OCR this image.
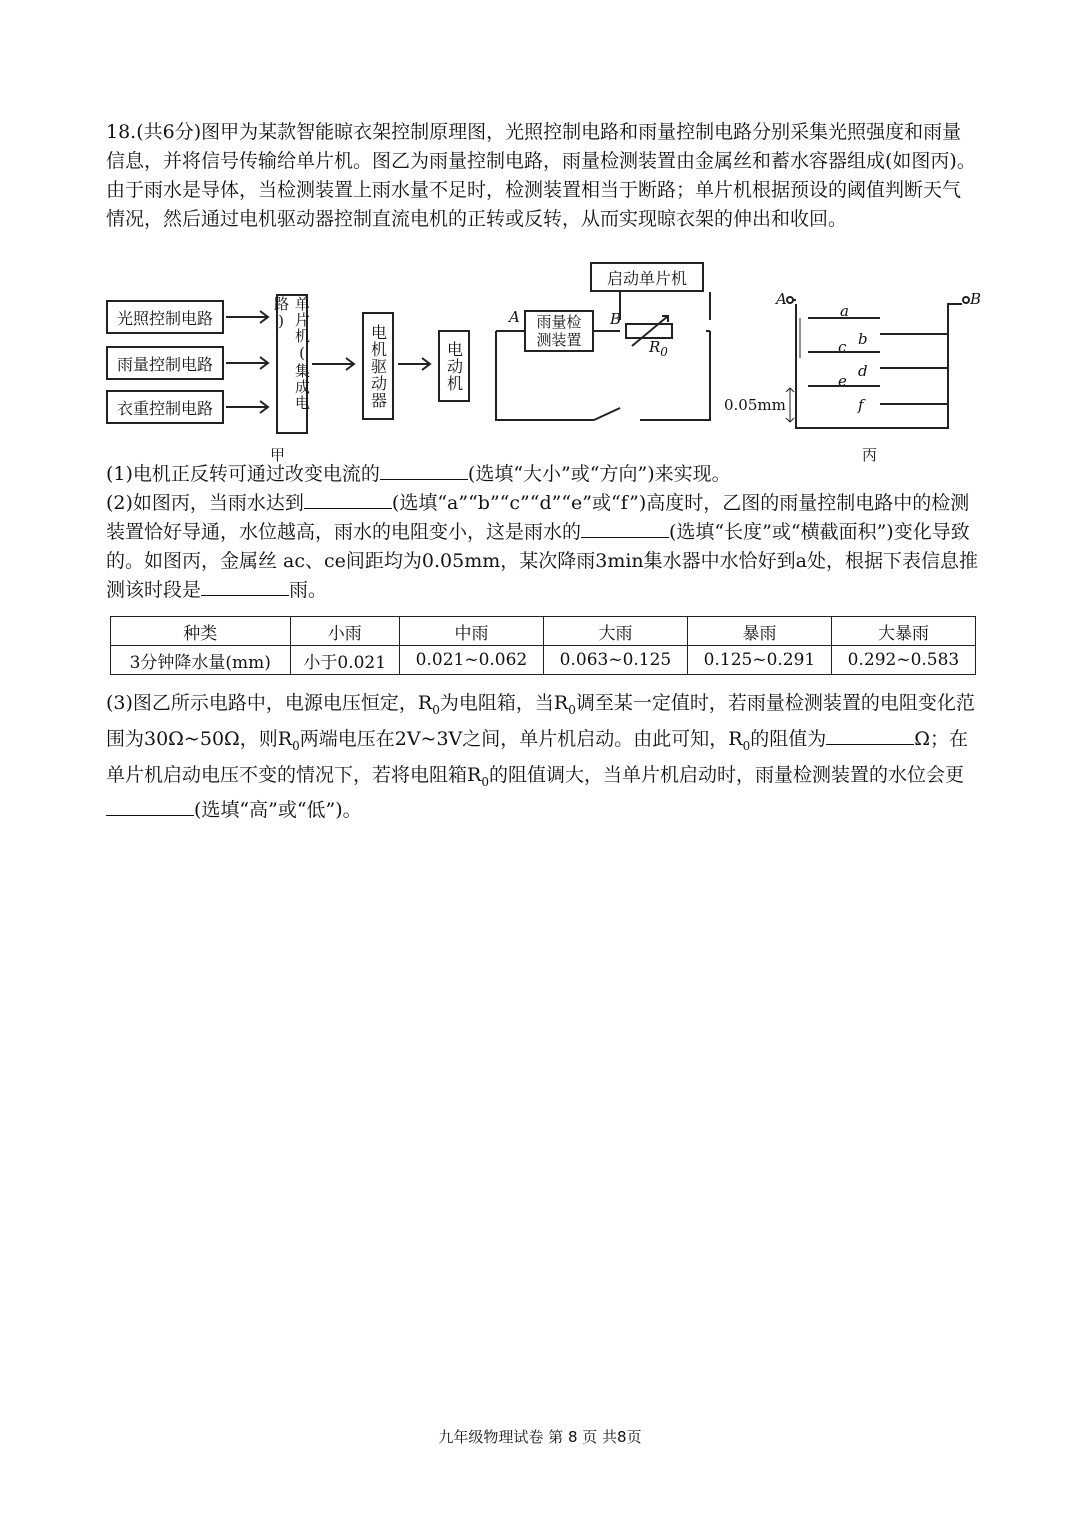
18.(共6分)图甲为某款智能晾衣架控制原理图，光照控制电路和雨量控制电路分别采集光照强度和雨量信息，并将信号传输给单片机。图乙为雨量控制电路，雨量检测装置由金属丝和蓄水容器组成(如图丙)。由于雨水是导体，当检测装置上雨水量不足时，检测装置相当于断路；单片机根据预设的阈值判断天气情况，然后通过电机驱动器控制直流电机的正转或反转，从而实现晾衣架的伸出和收回。

光照控制电路
雨量控制电路
衣重控制电路	单片机(集成电路)
电机驱动器	电动机
甲
启动单片机
雨量检测装置
A	B
$R_0$
A	B
a
b
c
d
e
f
0.05mm
丙

(1)电机正反转可通过改变电流的	(选填“大小”或“方向”)来实现。

(2)如图丙，当雨水达到	(选填“a”“b”“c”“d”“e”或“f”)高度时，乙图的雨量控制电路中的检测装置恰好导通，水位越高，雨水的电阻变小，这是雨水的	(选填“长度”或“横截面积”)变化导致的。如图丙，金属丝 ac、ce间距均为0.05mm，某次降雨3min集水器中水恰好到a处，根据下表信息推测该时段是	雨。

种类	小雨	中雨	大雨	暴雨	大暴雨
3分钟降水量(mm)	小于0.021	0.021~0.062	0.063~0.125	0.125~0.291	0.292~0.583

(3)图乙所示电路中，电源电压恒定，$R_0$为电阻箱，当$R_0$调至某一定值时，若雨量检测装置的电阻变化范围为30Ω~50Ω，则$R_0$两端电压在2V~3V之间，单片机启动。由此可知，$R_0$的阻值为	Ω；在单片机启动电压不变的情况下，若将电阻箱$R_0$的阻值调大，当单片机启动时，雨量检测装置的水位会更(选填“高”或“低”)。

九年级物理试卷 第 8 页 共8页
